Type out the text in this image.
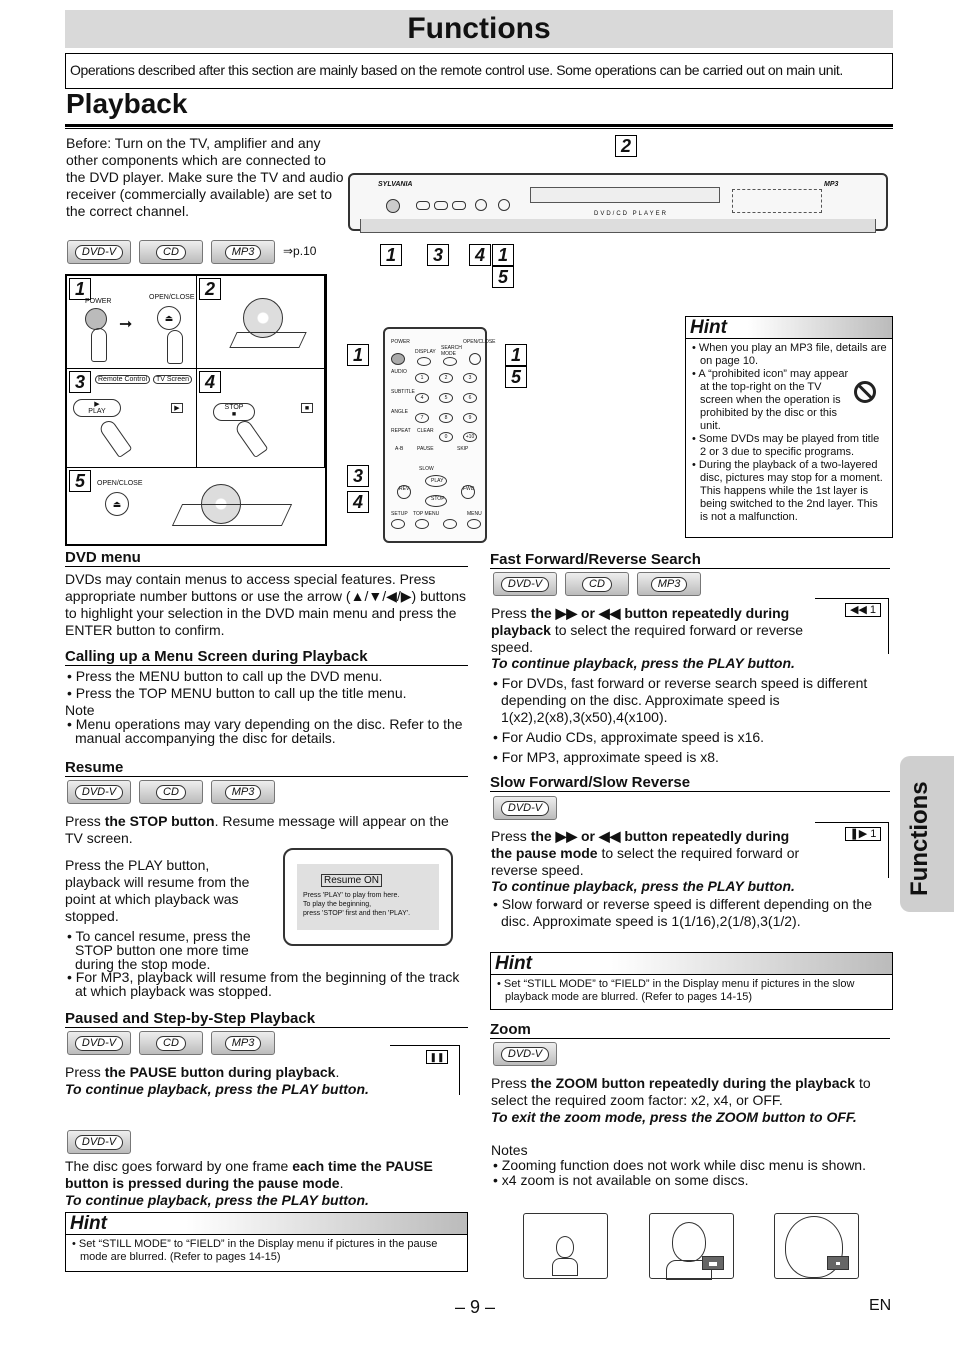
Functions
Operations described after this section are mainly based on the remote control use. Some operations can be carried out on main unit.
Playback
Before: Turn on the TV, amplifier and any other components which are connected to the DVD player. Make sure the TV and audio receiver (commercially available) are set to the correct channel.
SYLVANIA	MP3
DVD/CD PLAYER
2
1	3	4 1
5
DVD-V	CD	MP3 ⇒p.10
1
POWER
OPEN/CLOSE
➞	⏏
2
3	Remote Control	TV Screen
▶
PLAY	▶
4
STOP
■
■
5	OPEN/CLOSE
⏏
POWER
DISPLAY
SEARCH MODE
OPEN/CLOSE
AUDIO
SUBTITLE
ANGLE
REPEAT CLEAR
A-B	PAUSE	SKIP
SLOW
PLAY
REV	FWD
STOP
SETUP TOP MENU	MENU
1	2	3
4	5	6
7	8	9
0	+10
1	1
5
3
4
Hint
• When you play an MP3 file, details are on page 10.
• A “prohibited icon” may appear at the top-right on the TV screen when the operation is prohibited by the disc or this unit.
• Some DVDs may be played from title 2 or 3 due to specific programs.
• During the playback of a two-layered disc, pictures may stop for a moment. This happens while the 1st layer is being switched to the 2nd layer. This is not a malfunction.
DVD menu
DVDs may contain menus to access special features. Press appropriate number buttons or use the arrow (▲/▼/◀/▶) buttons to highlight your selection in the DVD main menu and press the ENTER button to confirm.
Calling up a Menu Screen during Playback
• Press the MENU button to call up the DVD menu.
• Press the TOP MENU button to call up the title menu.
Note
• Menu operations may vary depending on the disc. Refer to the manual accompanying the disc for details.
Resume
DVD-V	CD	MP3
Press the STOP button. Resume message will appear on the TV screen.
Press the PLAY button, playback will resume from the point at which playback was stopped.
• To cancel resume, press the STOP button one more time during the stop mode.
• For MP3, playback will resume from the beginning of the track at which playback was stopped.
Resume ON
Press 'PLAY' to play from here.
To play the beginning,
press 'STOP' first and then 'PLAY'.
Paused and Step-by-Step Playback
DVD-V	CD	MP3
❚❚
Press the PAUSE button during playback.
To continue playback, press the PLAY button.
DVD-V
The disc goes forward by one frame each time the PAUSE button is pressed during the pause mode.
To continue playback, press the PLAY button.
Hint
• Set “STILL MODE” to “FIELD” in the Display menu if pictures in the pause mode are blurred. (Refer to pages 14-15)
Fast Forward/Reverse Search
DVD-V	CD	MP3
◀◀ 1
Press the ▶▶ or ◀◀ button repeatedly during playback to select the required forward or reverse speed.
To continue playback, press the PLAY button.
• For DVDs, fast forward or reverse search speed is different depending on the disc. Approximate speed is 1(x2),2(x8),3(x50),4(x100).
• For Audio CDs, approximate speed is x16.
• For MP3, approximate speed is x8.
Slow Forward/Slow Reverse
DVD-V
❚▶ 1
Press the ▶▶ or ◀◀ button repeatedly during the pause mode to select the required forward or reverse speed.
To continue playback, press the PLAY button.
• Slow forward or reverse speed is different depending on the disc. Approximate speed is 1(1/16),2(1/8),3(1/2).
Hint
• Set “STILL MODE” to “FIELD” in the Display menu if pictures in the slow playback mode are blurred. (Refer to pages 14-15)
Zoom
DVD-V
Press the ZOOM button repeatedly during the playback to select the required zoom factor: x2, x4, or OFF.
To exit the zoom mode, press the ZOOM button to OFF.
Notes
• Zooming function does not work while disc menu is shown.
• x4 zoom is not available on some discs.
Functions
– 9 –	EN
